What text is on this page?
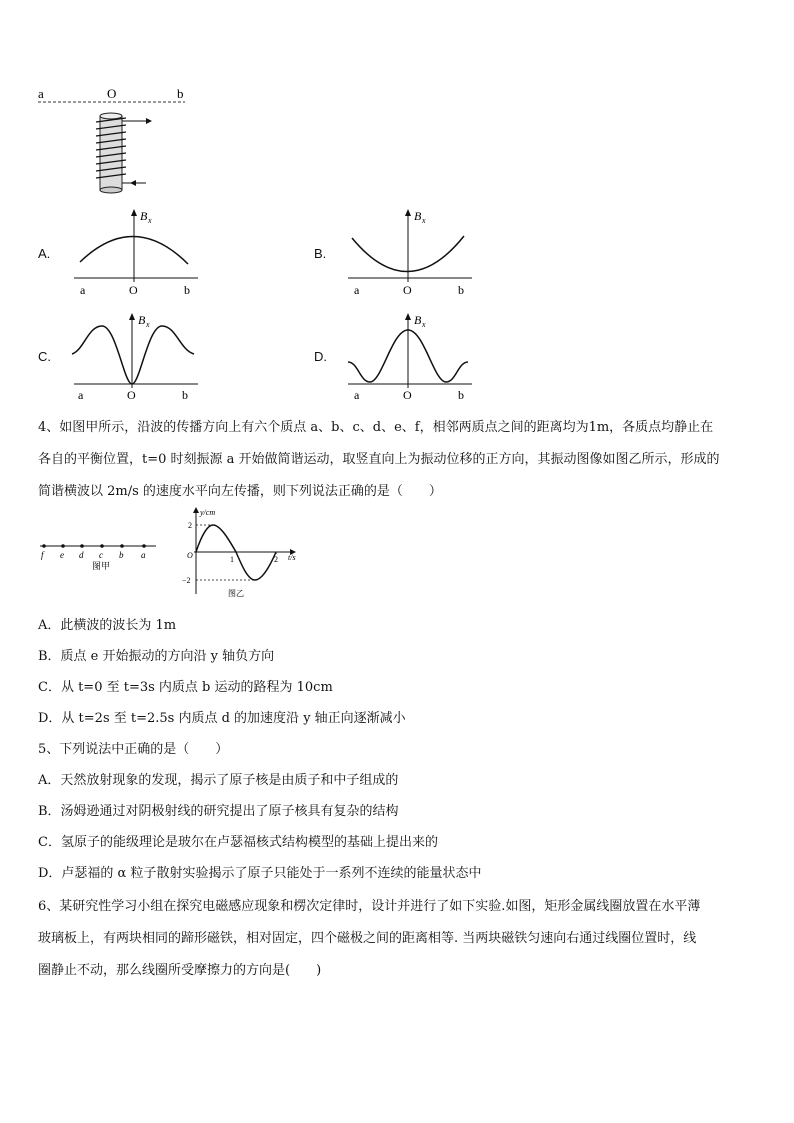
a	O	b
A.
B x
a	O	b
B.
B x
a	O	b
C.
B x
a	O	b
D.
B x
a	O	b

4、如图甲所示，沿波的传播方向上有六个质点 a、b、c、d、e、f，相邻两质点之间的距离均为1m，各质点均静止在

各自的平衡位置，t=0 时刻振源 a 开始做简谐运动，取竖直向上为振动位移的正方向，其振动图像如图乙所示，形成的

简谐横波以 2m/s 的速度水平向左传播，则下列说法正确的是（　　）

f e d c b a
图甲
y/cm
t/s
O
2
−2
1	2
图乙

A．此横波的波长为 1m

B．质点 e 开始振动的方向沿 y 轴负方向

C．从 t=0 至 t=3s 内质点 b 运动的路程为 10cm

D．从 t=2s 至 t=2.5s 内质点 d 的加速度沿 y 轴正向逐渐减小

5、下列说法中正确的是（　　）

A．天然放射现象的发现，揭示了原子核是由质子和中子组成的

B．汤姆逊通过对阴极射线的研究提出了原子核具有复杂的结构

C．氢原子的能级理论是玻尔在卢瑟福核式结构模型的基础上提出来的

D．卢瑟福的 α 粒子散射实验揭示了原子只能处于一系列不连续的能量状态中

6、某研究性学习小组在探究电磁感应现象和楞次定律时，设计并进行了如下实验.如图，矩形金属线圈放置在水平薄

玻璃板上，有两块相同的蹄形磁铁，相对固定，四个磁极之间的距离相等. 当两块磁铁匀速向右通过线圈位置时，线

圈静止不动，那么线圈所受摩擦力的方向是(　　)
